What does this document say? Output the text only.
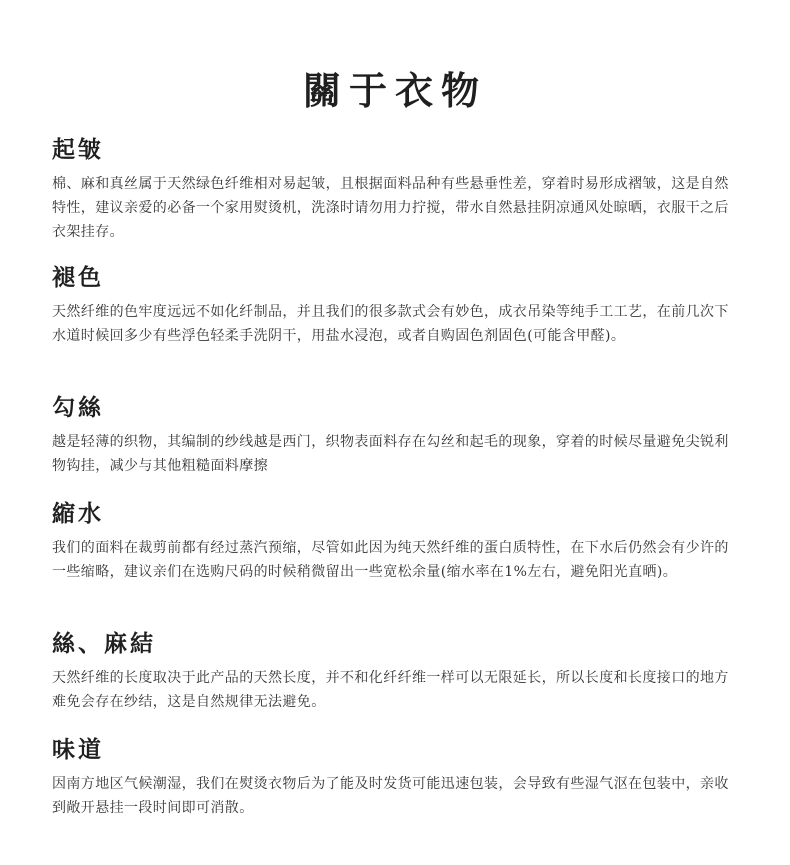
關于衣物
起皱

棉、麻和真丝属于天然绿色纤维相对易起皱，且根据面料品种有些悬垂性差，穿着时易形成褶皱，这是自然特性，建议亲爱的必备一个家用熨烫机，洗涤时请勿用力拧搅，带水自然悬挂阴凉通风处晾晒，衣服干之后衣架挂存。

褪色

天然纤维的色牢度远远不如化纤制品，并且我们的很多款式会有妙色，成衣吊染等纯手工工艺，在前几次下水道时候回多少有些浮色轻柔手洗阴干，用盐水浸泡，或者自购固色剂固色(可能含甲醛)。

勾絲

越是轻薄的织物，其编制的纱线越是西门，织物表面料存在勾丝和起毛的现象，穿着的时候尽量避免尖锐利物钩挂，减少与其他粗糙面料摩擦

縮水

我们的面料在裁剪前都有经过蒸汽预缩，尽管如此因为纯天然纤维的蛋白质特性，在下水后仍然会有少许的一些缩略，建议亲们在选购尺码的时候稍微留出一些宽松余量(缩水率在1%左右，避免阳光直晒)。

絲、麻結

天然纤维的长度取决于此产品的天然长度，并不和化纤纤维一样可以无限延长，所以长度和长度接口的地方难免会存在纱结，这是自然规律无法避免。

味道

因南方地区气候潮湿，我们在熨烫衣物后为了能及时发货可能迅速包装，会导致有些湿气沤在包装中，亲收到敞开悬挂一段时间即可消散。
